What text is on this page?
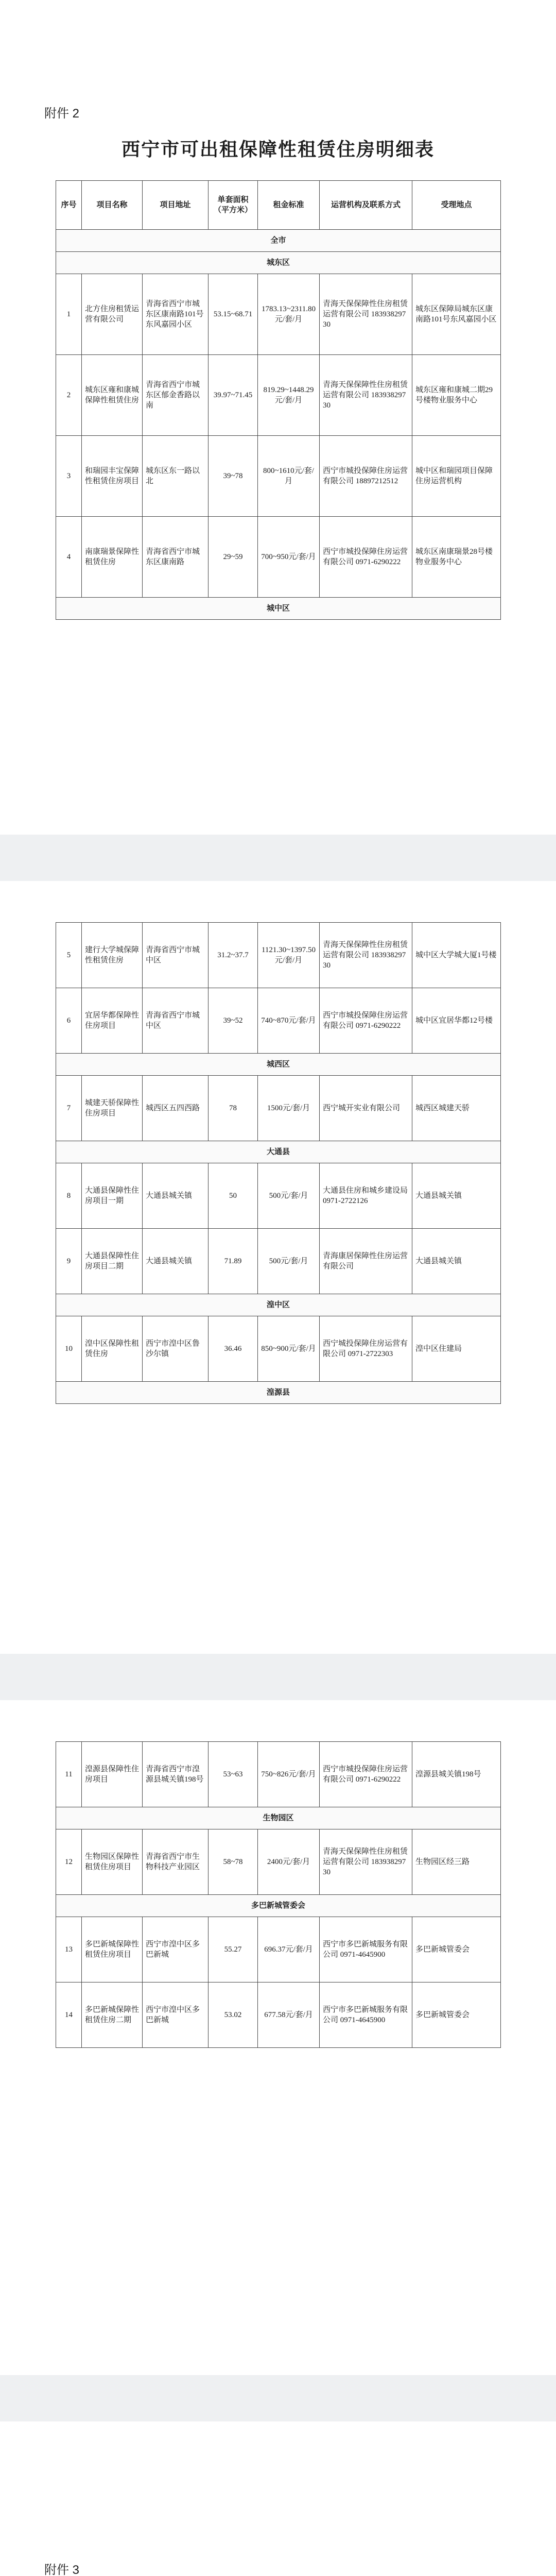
附件 2
西宁市可出租保障性租赁住房明细表
序号	项目名称	项目地址	单套面积（平方米）	租金标准	运营机构及联系方式	受理地点
全市						
城东区						
1	北方住房租赁运营有限公司	青海省西宁市城东区康南路101号东风嘉园小区	53.15~68.71	1783.13~2311.80元/套/月	青海天保保障性住房租赁运营有限公司 18393829730	城东区保障局城东区康南路101号东风嘉园小区
2	城东区雍和康城保障性租赁住房	青海省西宁市城东区郁金香路以南	39.97~71.45	819.29~1448.29元/套/月	青海天保保障性住房租赁运营有限公司 18393829730	城东区雍和康城二期29号楼物业服务中心
3	和瑞园丰宝保障性租赁住房项目	城东区东一路以北	39~78	800~1610元/套/月	西宁市城投保障住房运营有限公司 18897212512	城中区和瑞园项目保障住房运营机构
4	南康瑞景保障性租赁住房	青海省西宁市城东区康南路	29~59	700~950元/套/月	西宁市城投保障住房运营有限公司 0971-6290222	城东区南康瑞景28号楼物业服务中心
城中区						
5	建行大学城保障性租赁住房	青海省西宁市城中区	31.2~37.7	1121.30~1397.50元/套/月	青海天保保障性住房租赁运营有限公司 18393829730	城中区大学城大厦1号楼
6	宜居华都保障性住房项目	青海省西宁市城中区	39~52	740~870元/套/月	西宁市城投保障住房运营有限公司 0971-6290222	城中区宜居华都12号楼
城西区						
7	城建天骄保障性住房项目	城西区五四西路	78	1500元/套/月	西宁城开实业有限公司	城西区城建天骄
大通县						
8	大通县保障性住房项目一期	大通县城关镇	50	500元/套/月	大通县住房和城乡建设局 0971-2722126	大通县城关镇
9	大通县保障性住房项目二期	大通县城关镇	71.89	500元/套/月	青海康居保障性住房运营有限公司	大通县城关镇
湟中区						
10	湟中区保障性租赁住房	西宁市湟中区鲁沙尔镇	36.46	850~900元/套/月	西宁城投保障住房运营有限公司 0971-2722303	湟中区住建局
湟源县						
11	湟源县保障性住房项目	青海省西宁市湟源县城关镇198号	53~63	750~826元/套/月	西宁市城投保障住房运营有限公司 0971-6290222	湟源县城关镇198号
生物园区						
12	生物园区保障性租赁住房项目	青海省西宁市生物科技产业园区	58~78	2400元/套/月	青海天保保障性住房租赁运营有限公司 18393829730	生物园区经三路
多巴新城管委会						
13	多巴新城保障性租赁住房项目	西宁市湟中区多巴新城	55.27	696.37元/套/月	西宁市多巴新城服务有限公司 0971-4645900	多巴新城管委会
14	多巴新城保障性租赁住房二期	西宁市湟中区多巴新城	53.02	677.58元/套/月	西宁市多巴新城服务有限公司 0971-4645900	多巴新城管委会
附件 3
